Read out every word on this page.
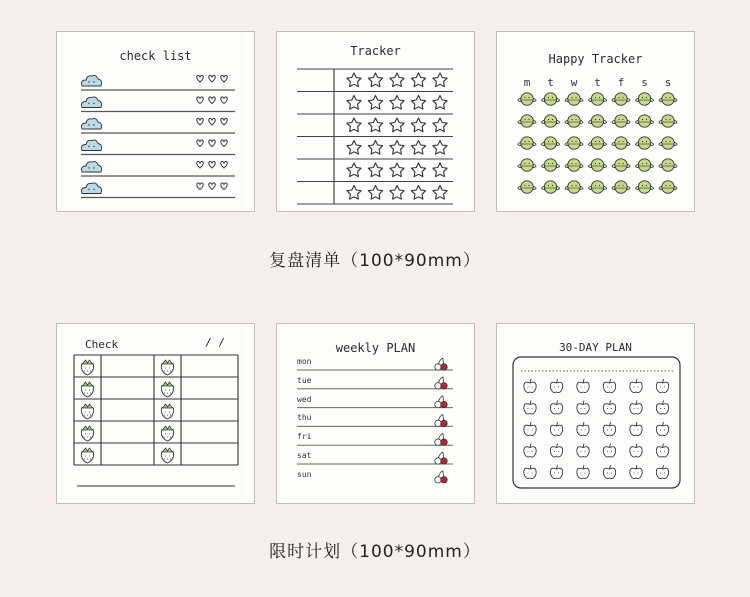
check list	Tracker
Happy Tracker
m	t	w	t	f	s	s
复盘清单（100*90mm）
Check	/ /	weekly PLAN
mon
tue
wed
thu
fri
sat
sun
30-DAY PLAN
限时计划（100*90mm）
